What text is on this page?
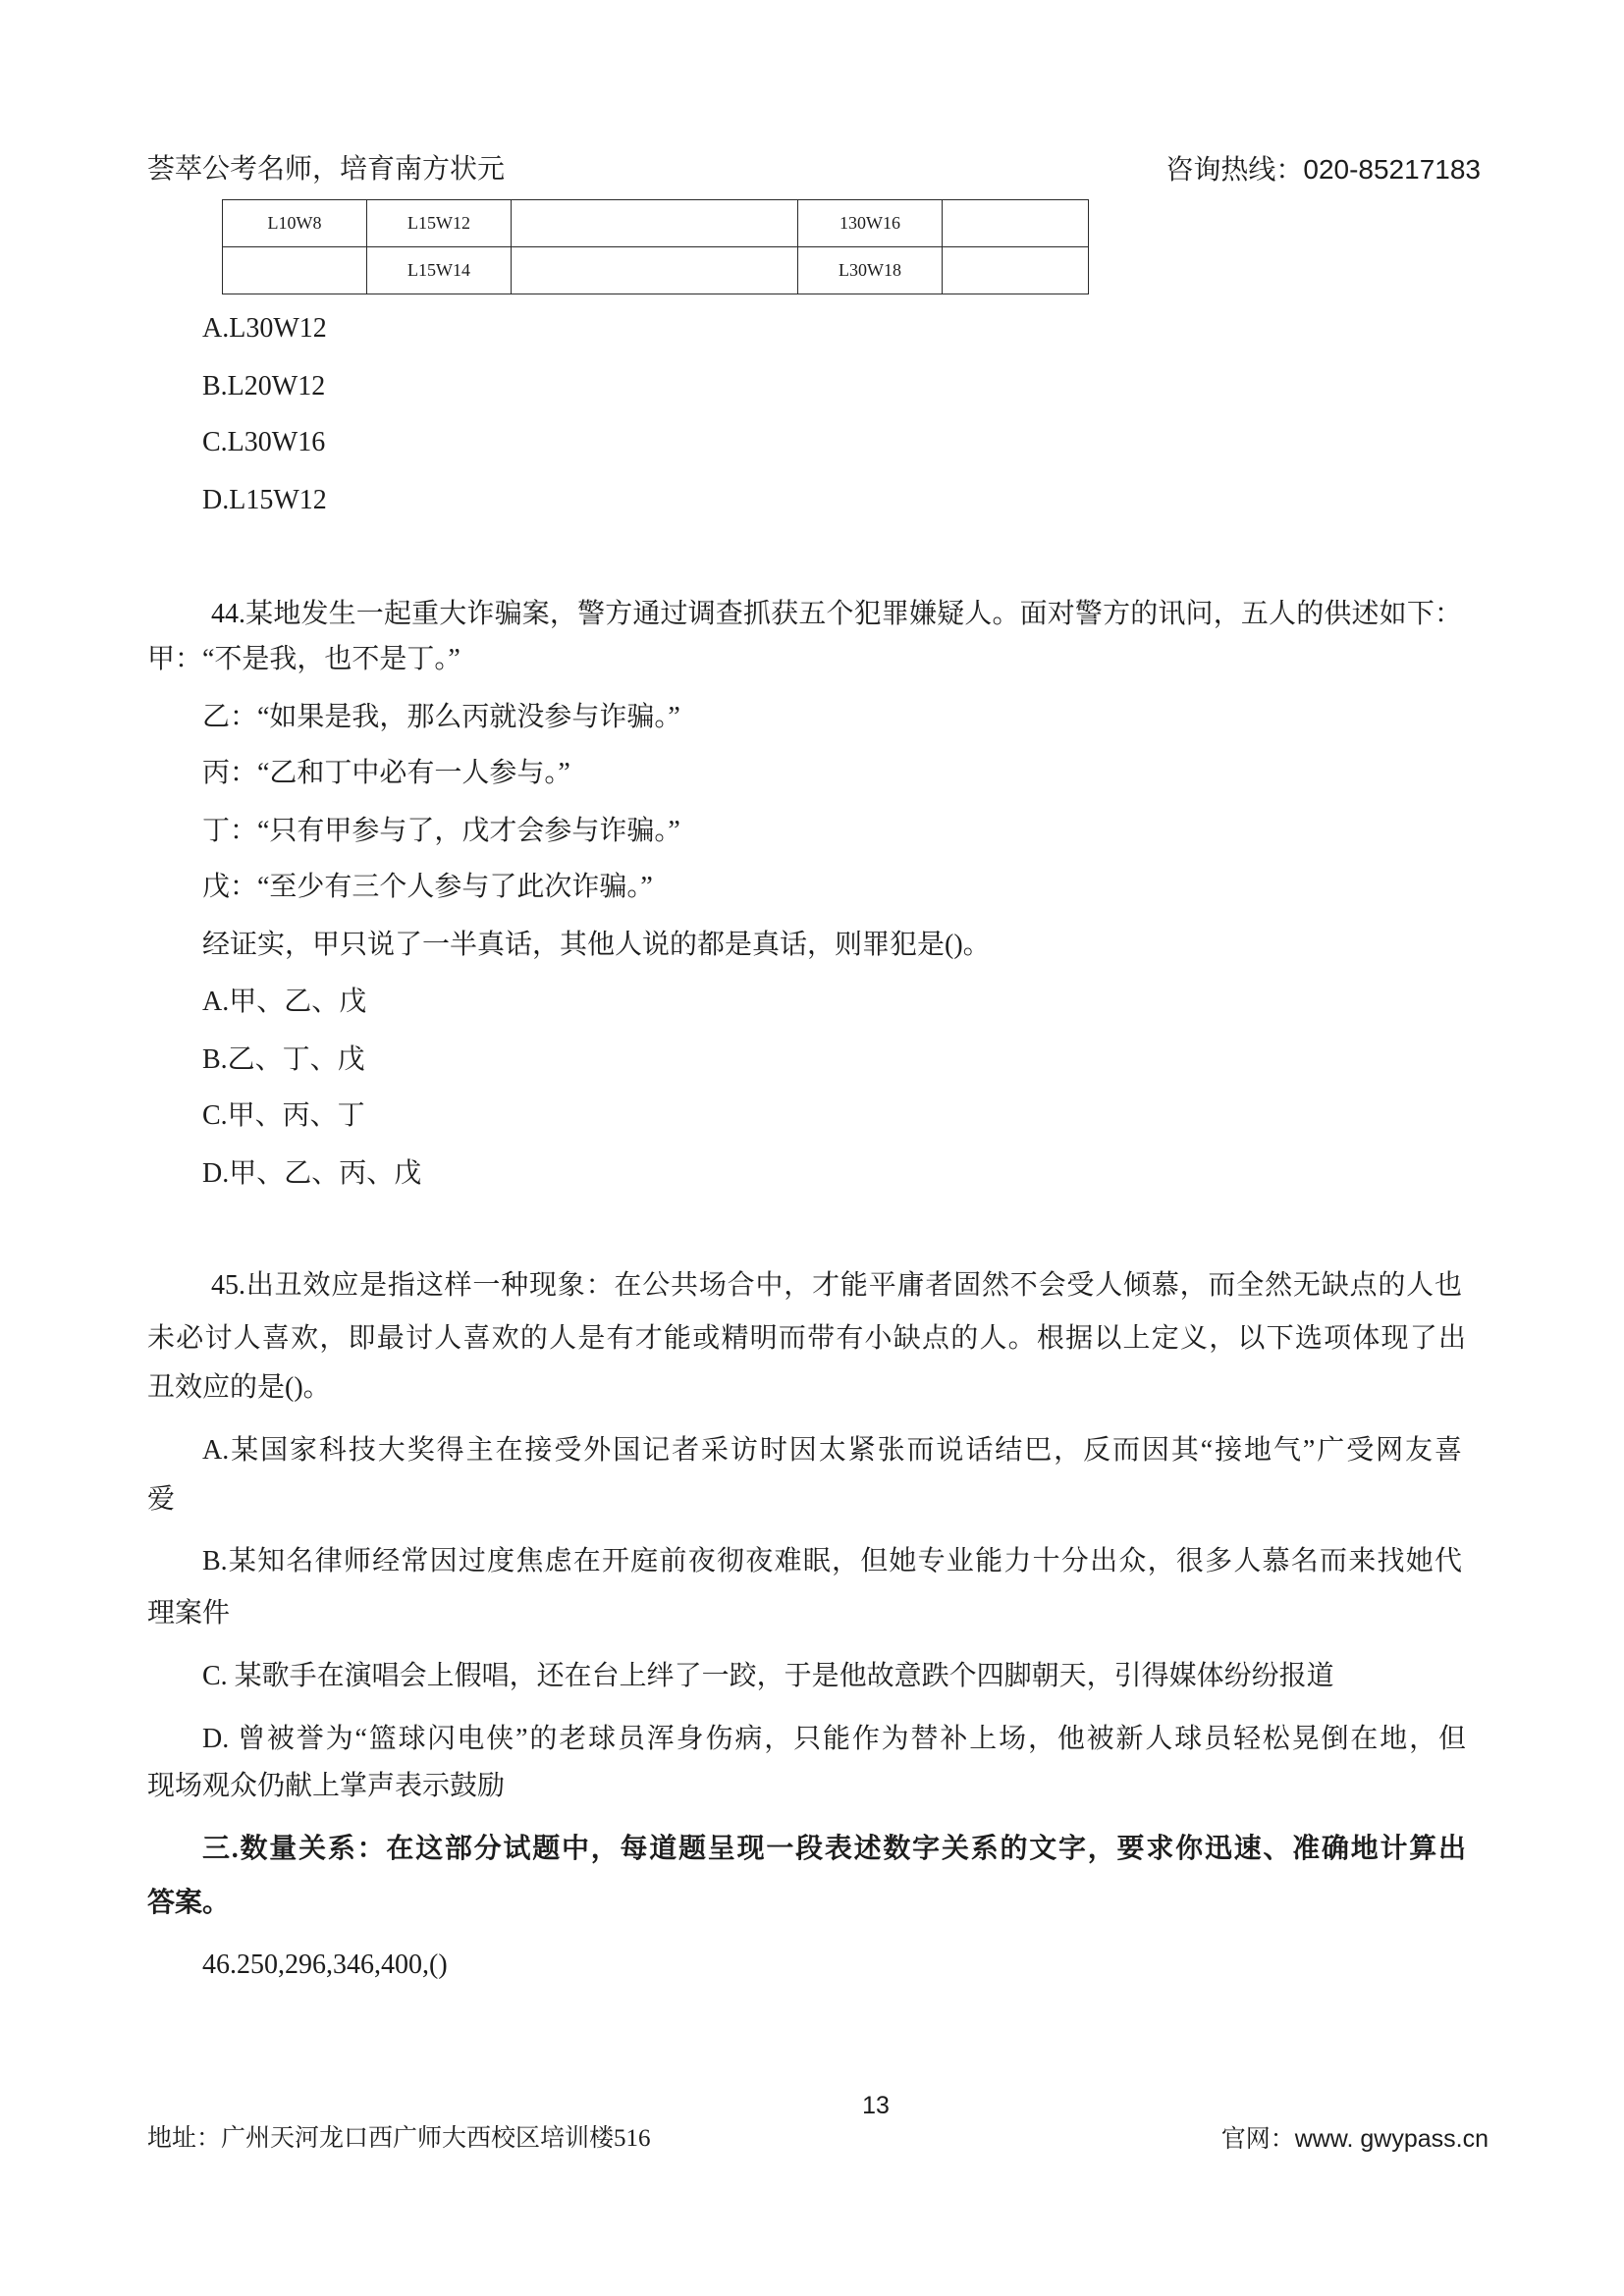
荟萃公考名师，培育南方状元	咨询热线：020-85217183
L10W8	L15W12		130W16	
	L15W14		L30W18	
A.L30W12
B.L20W12
C.L30W16
D.L15W12
44.某地发生一起重大诈骗案，警方通过调查抓获五个犯罪嫌疑人。面对警方的讯问，五人的供述如下：
甲：“不是我，也不是丁。”
乙：“如果是我，那么丙就没参与诈骗。”
丙：“乙和丁中必有一人参与。”
丁：“只有甲参与了，戊才会参与诈骗。”
戊：“至少有三个人参与了此次诈骗。”
经证实，甲只说了一半真话，其他人说的都是真话，则罪犯是()。
A.甲、乙、戊
B.乙、丁、戊
C.甲、丙、丁
D.甲、乙、丙、戊
45.出丑效应是指这样一种现象：在公共场合中，才能平庸者固然不会受人倾慕，而全然无缺点的人也
未必讨人喜欢，即最讨人喜欢的人是有才能或精明而带有小缺点的人。根据以上定义，以下选项体现了出
丑效应的是()。
A.某国家科技大奖得主在接受外国记者采访时因太紧张而说话结巴，反而因其“接地气”广受网友喜
爱
B.某知名律师经常因过度焦虑在开庭前夜彻夜难眠，但她专业能力十分出众，很多人慕名而来找她代
理案件
C. 某歌手在演唱会上假唱，还在台上绊了一跤，于是他故意跌个四脚朝天，引得媒体纷纷报道
D. 曾被誉为“篮球闪电侠”的老球员浑身伤病，只能作为替补上场，他被新人球员轻松晃倒在地，但
现场观众仍献上掌声表示鼓励
三.数量关系：在这部分试题中，每道题呈现一段表述数字关系的文字，要求你迅速、准确地计算出
答案。
46.250,296,346,400,()
13
地址：广州天河龙口西广师大西校区培训楼516	官网：www. gwypass.cn
